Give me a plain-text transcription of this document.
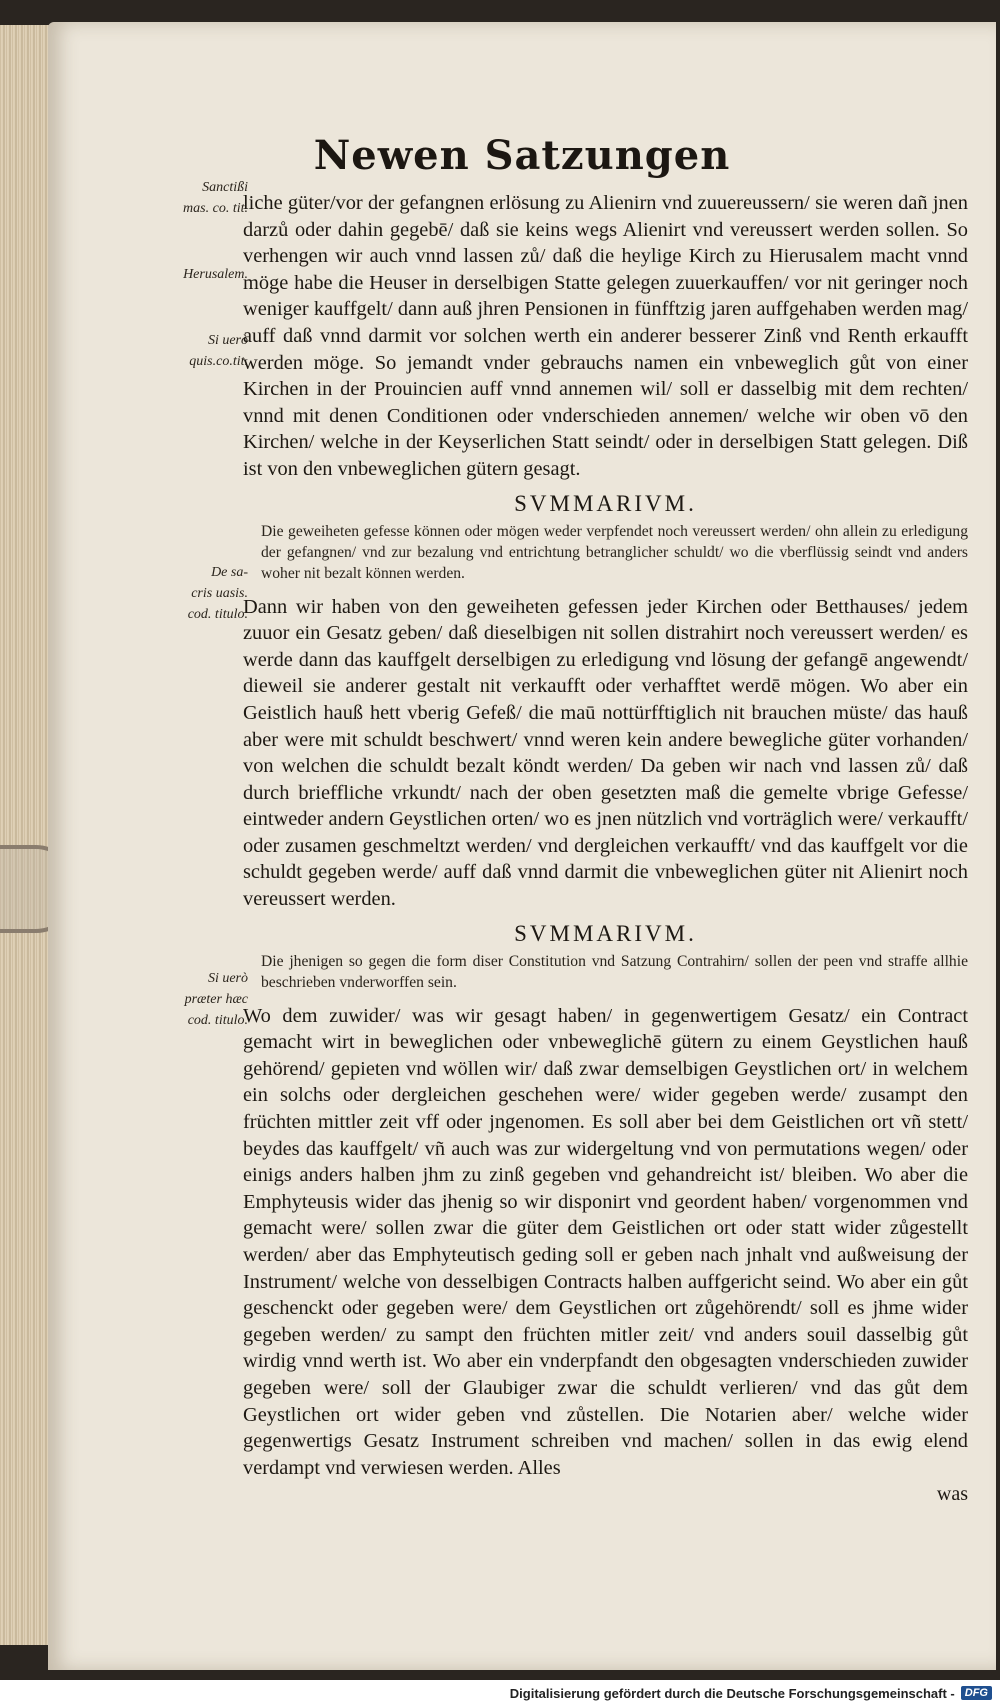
Newen Satzungen
Sanctißi
mas. co. tit.
Herusalem.
Si uerò
quis.co.tit.
De sa-
cris uasis.
cod. titulo.
Si uerò
præter hæc
cod. titulo.

liche güter/vor der gefangnen erlösung zu Alienirn vnd zuuereussern/ sie weren dañ jnen darzů oder dahin gegebē/ daß sie keins wegs Alienirt vnd vereussert werden sollen. So verhengen wir auch vnnd lassen zů/ daß die heylige Kirch zu Hierusalem macht vnnd möge habe die Heuser in derselbigen Statte gelegen zuuerkauffen/ vor nit geringer noch weniger kauffgelt/ dann auß jhren Pensionen in fünfftzig jaren auffgehaben werden mag/ auff daß vnnd darmit vor solchen werth ein anderer besserer Zinß vnd Renth erkaufft werden möge. So jemandt vnder gebrauchs namen ein vnbeweglich gůt von einer Kirchen in der Prouincien auff vnnd annemen wil/ soll er dasselbig mit dem rechten/ vnnd mit denen Conditionen oder vnderschieden annemen/ welche wir oben vō den Kirchen/ welche in der Keyserlichen Statt seindt/ oder in derselbigen Statt gelegen. Diß ist von den vnbeweglichen gütern gesagt.

SVMMARIVM.

Die geweiheten gefesse können oder mögen weder verpfendet noch vereussert werden/ ohn allein zu erledigung der gefangnen/ vnd zur bezalung vnd entrichtung betranglicher schuldt/ wo die vberflüssig seindt vnd anders woher nit bezalt können werden.

Dann wir haben von den geweiheten gefessen jeder Kirchen oder Betthauses/ jedem zuuor ein Gesatz geben/ daß dieselbigen nit sollen distrahirt noch vereussert werden/ es werde dann das kauffgelt derselbigen zu erledigung vnd lösung der gefangē angewendt/ dieweil sie anderer gestalt nit verkaufft oder verhafftet werdē mögen. Wo aber ein Geistlich hauß hett vberig Gefeß/ die maū nottürfftiglich nit brauchen müste/ das hauß aber were mit schuldt beschwert/ vnnd weren kein andere bewegliche güter vorhanden/ von welchen die schuldt bezalt köndt werden/ Da geben wir nach vnd lassen zů/ daß durch brieffliche vrkundt/ nach der oben gesetzten maß die gemelte vbrige Gefesse/ eintweder andern Geystlichen orten/ wo es jnen nützlich vnd vorträglich were/ verkaufft/ oder zusamen geschmeltzt werden/ vnd dergleichen verkaufft/ vnd das kauffgelt vor die schuldt gegeben werde/ auff daß vnnd darmit die vnbeweglichen güter nit Alienirt noch vereussert werden.

SVMMARIVM.

Die jhenigen so gegen die form diser Constitution vnd Satzung Contrahirn/ sollen der peen vnd straffe allhie beschrieben vnderworffen sein.

Wo dem zuwider/ was wir gesagt haben/ in gegenwertigem Gesatz/ ein Contract gemacht wirt in beweglichen oder vnbeweglichē gütern zu einem Geystlichen hauß gehörend/ gepieten vnd wöllen wir/ daß zwar demselbigen Geystlichen ort/ in welchem ein solchs oder dergleichen geschehen were/ wider gegeben werde/ zusampt den früchten mittler zeit vff oder jngenomen. Es soll aber bei dem Geistlichen ort vñ stett/ beydes das kauffgelt/ vñ auch was zur widergeltung vnd von permutations wegen/ oder einigs anders halben jhm zu zinß gegeben vnd gehandreicht ist/ bleiben. Wo aber die Emphyteusis wider das jhenig so wir disponirt vnd geordent haben/ vorgenommen vnd gemacht were/ sollen zwar die güter dem Geistlichen ort oder statt wider zůgestellt werden/ aber das Emphyteutisch geding soll er geben nach jnhalt vnd außweisung der Instrument/ welche von desselbigen Contracts halben auffgericht seind. Wo aber ein gůt geschenckt oder gegeben were/ dem Geystlichen ort zůgehörendt/ soll es jhme wider gegeben werden/ zu sampt den früchten mitler zeit/ vnd anders souil dasselbig gůt wirdig vnnd werth ist. Wo aber ein vnderpfandt den obgesagten vnderschieden zuwider gegeben were/ soll der Glaubiger zwar die schuldt verlieren/ vnd das gůt dem Geystlichen ort wider geben vnd zůstellen. Die Notarien aber/ welche wider gegenwertigs Gesatz Instrument schreiben vnd machen/ sollen in das ewig elend verdampt vnd verwiesen werden. Alles

was
Digitalisierung gefördert durch die Deutsche Forschungsgemeinschaft - DFG
